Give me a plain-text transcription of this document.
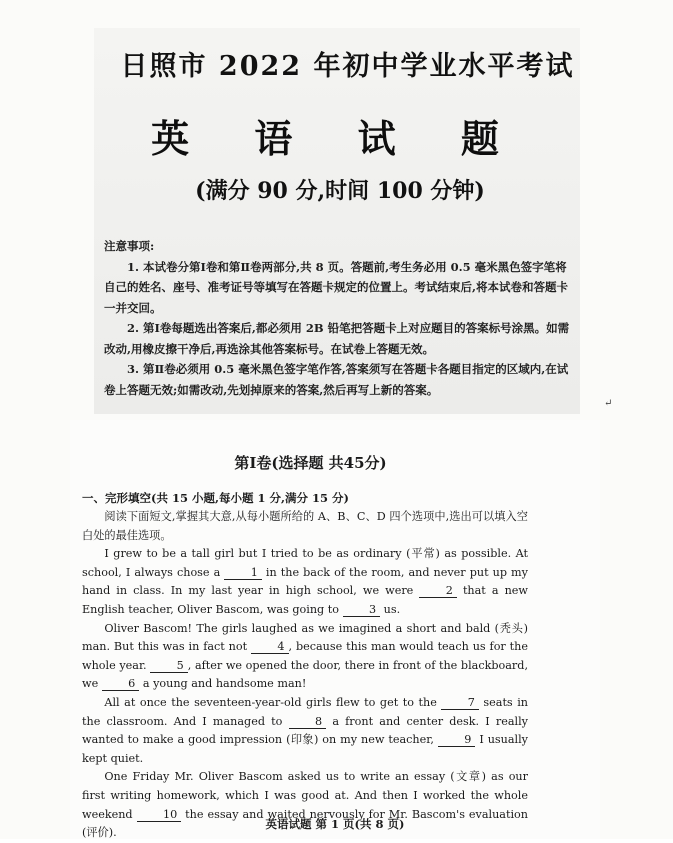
日照市 2022 年初中学业水平考试
英 语 试 题
(满分 90 分,时间 100 分钟)

注意事项:

1. 本试卷分第Ⅰ卷和第Ⅱ卷两部分,共 8 页。答题前,考生务必用 0.5 毫米黑色签字笔将自己的姓名、座号、准考证号等填写在答题卡规定的位置上。考试结束后,将本试卷和答题卡一并交回。

2. 第Ⅰ卷每题选出答案后,都必须用 2B 铅笔把答题卡上对应题目的答案标号涂黑。如需改动,用橡皮擦干净后,再选涂其他答案标号。在试卷上答题无效。

3. 第Ⅱ卷必须用 0.5 毫米黑色签字笔作答,答案须写在答题卡各题目指定的区域内,在试卷上答题无效;如需改动,先划掉原来的答案,然后再写上新的答案。

↵
第Ⅰ卷(选择题 共45分)
一、完形填空(共 15 小题,每小题 1 分,满分 15 分)

阅读下面短文,掌握其大意,从每小题所给的 A、B、C、D 四个选项中,选出可以填入空白处的最佳选项。

I grew to be a tall girl but I tried to be as ordinary (平常) as possible. At school, I always chose a	1 in the back of the room, and never put up my hand in class. In my last year in high school, we were	2 that a new English teacher, Oliver Bascom, was going to	3 us.

Oliver Bascom! The girls laughed as we imagined a short and bald (秃头) man. But this was in fact not	4 , because this man would teach us for the whole year.	5 , after we opened the door, there in front of the blackboard, we	6 a young and handsome man!

All at once the seventeen-year-old girls flew to get to the	7 seats in the classroom. And I managed to	8 a front and center desk. I really wanted to make a good impression (印象) on my new teacher,	9 I usually kept quiet.

One Friday Mr. Oliver Bascom asked us to write an essay (文章) as our first writing homework, which I was good at. And then I worked the whole weekend	10 the essay and waited nervously for Mr. Bascom's evaluation (评价).

英语试题 第 1 页(共 8 页)
